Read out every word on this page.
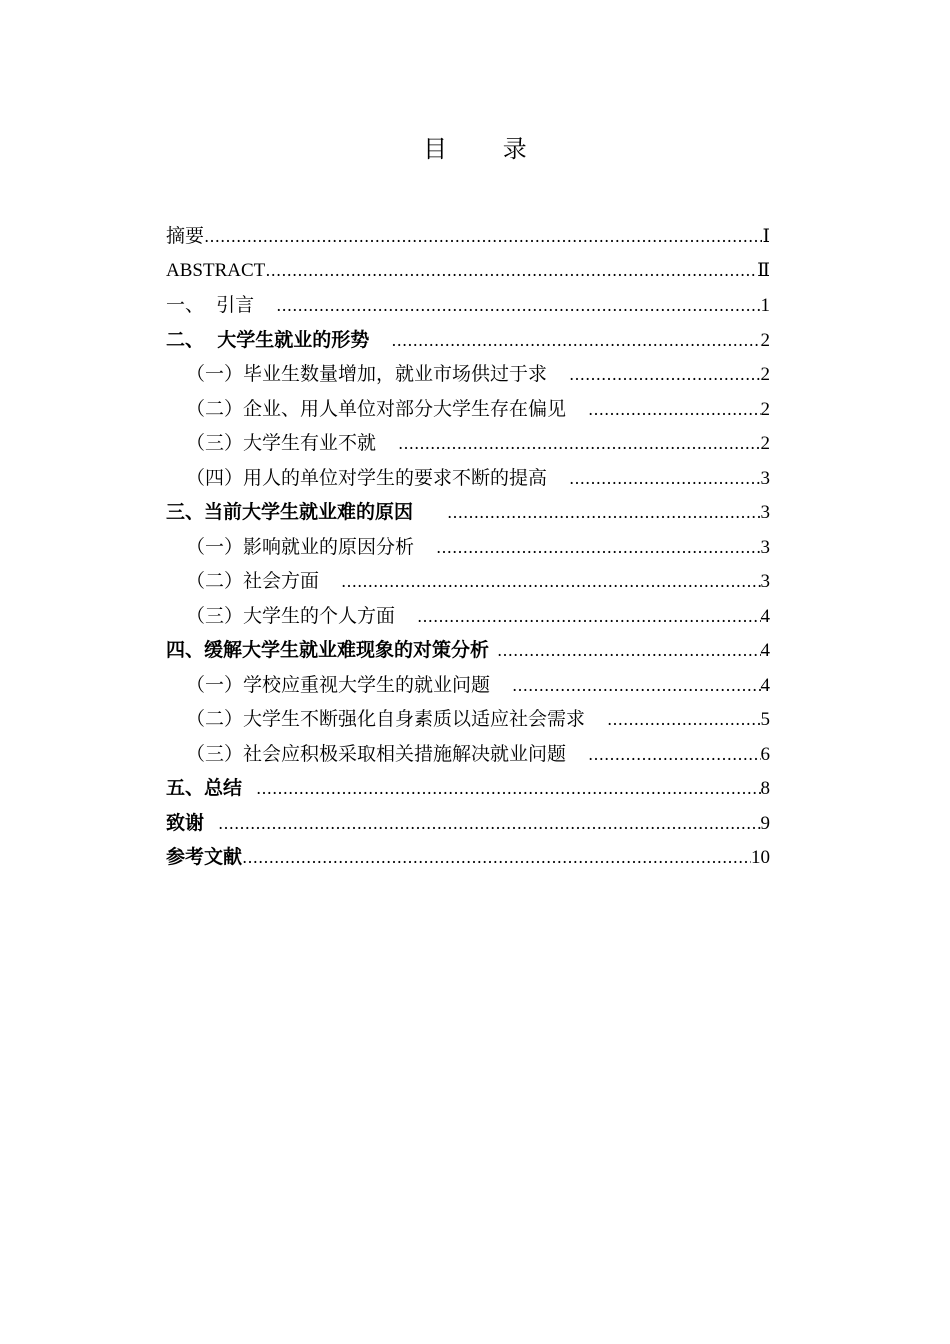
目 录
摘要 ……………………………………………………………………………………………………………………………………………………………………………………………………………	Ⅰ
ABSTRACT ……………………………………………………………………………………………………………………………………………………………………………………………………………	Ⅱ
一、  引言 ……………………………………………………………………………………………………………………………………………………………………………………………………………	1
二、  大学生就业的形势 ……………………………………………………………………………………………………………………………………………………………………………………………………………	2
（一）毕业生数量增加，就业市场供过于求 ……………………………………………………………………………………………………………………………………………………………………………………………………………	2
（二）企业、用人单位对部分大学生存在偏见 ……………………………………………………………………………………………………………………………………………………………………………………………………………	2
（三）大学生有业不就 ……………………………………………………………………………………………………………………………………………………………………………………………………………	2
（四）用人的单位对学生的要求不断的提高 ……………………………………………………………………………………………………………………………………………………………………………………………………………	3
三、当前大学生就业难的原因 ……………………………………………………………………………………………………………………………………………………………………………………………………………	3
（一）影响就业的原因分析 ……………………………………………………………………………………………………………………………………………………………………………………………………………	3
（二）社会方面 ……………………………………………………………………………………………………………………………………………………………………………………………………………	3
（三）大学生的个人方面 ……………………………………………………………………………………………………………………………………………………………………………………………………………	4
四、缓解大学生就业难现象的对策分析 ……………………………………………………………………………………………………………………………………………………………………………………………………………	4
（一）学校应重视大学生的就业问题 ……………………………………………………………………………………………………………………………………………………………………………………………………………	4
（二）大学生不断强化自身素质以适应社会需求 ……………………………………………………………………………………………………………………………………………………………………………………………………………	5
（三）社会应积极采取相关措施解决就业问题 ……………………………………………………………………………………………………………………………………………………………………………………………………………	6
五、总结 ……………………………………………………………………………………………………………………………………………………………………………………………………………	8
致谢 ……………………………………………………………………………………………………………………………………………………………………………………………………………	9
参考文献 ……………………………………………………………………………………………………………………………………………………………………………………………………………	10
